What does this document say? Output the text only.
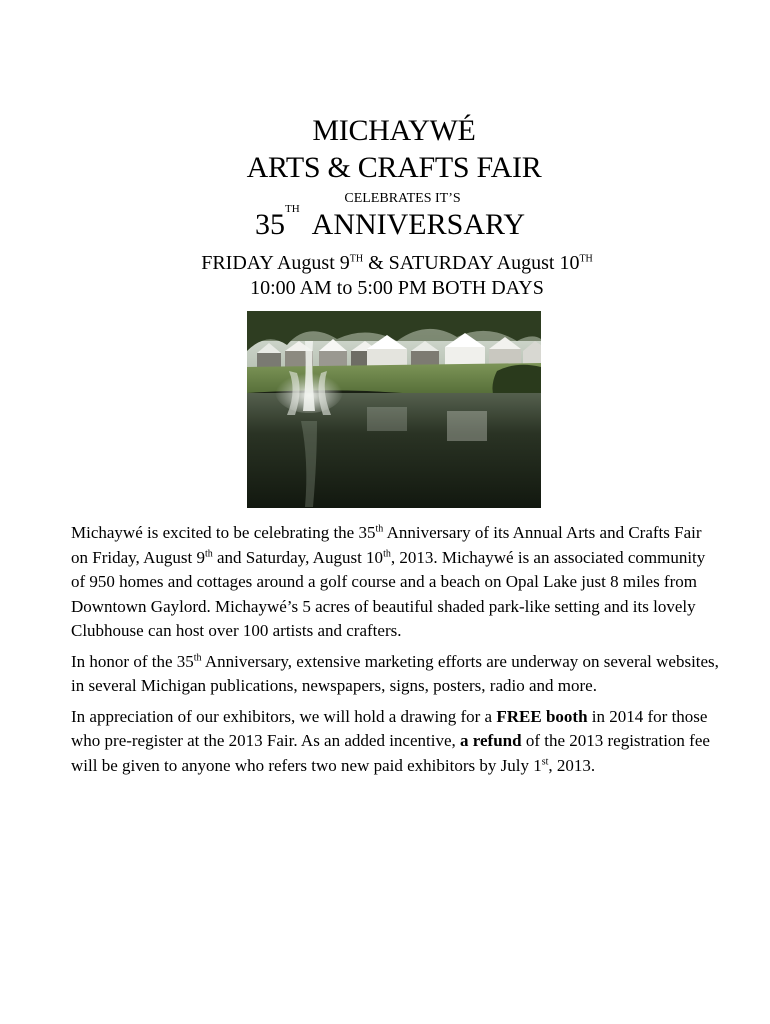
MICHAYWÉ
ARTS & CRAFTS FAIR
CELEBRATES IT’S
35TH ANNIVERSARY
FRIDAY August 9TH & SATURDAY August 10TH
10:00 AM to 5:00 PM BOTH DAYS

Michaywé is excited to be celebrating the 35th Anniversary of its Annual Arts and Crafts Fair on Friday, August 9th and Saturday, August 10th, 2013. Michaywé is an associated community of 950 homes and cottages around a golf course and a beach on Opal Lake just 8 miles from Downtown Gaylord. Michaywé’s 5 acres of beautiful shaded park-like setting and its lovely Clubhouse can host over 100 artists and crafters.

In honor of the 35th Anniversary, extensive marketing efforts are underway on several websites, in several Michigan publications, newspapers, signs, posters, radio and more.

In appreciation of our exhibitors, we will hold a drawing for a FREE booth in 2014 for those who pre-register at the 2013 Fair. As an added incentive, a refund of the 2013 registration fee will be given to anyone who refers two new paid exhibitors by July 1st, 2013.
